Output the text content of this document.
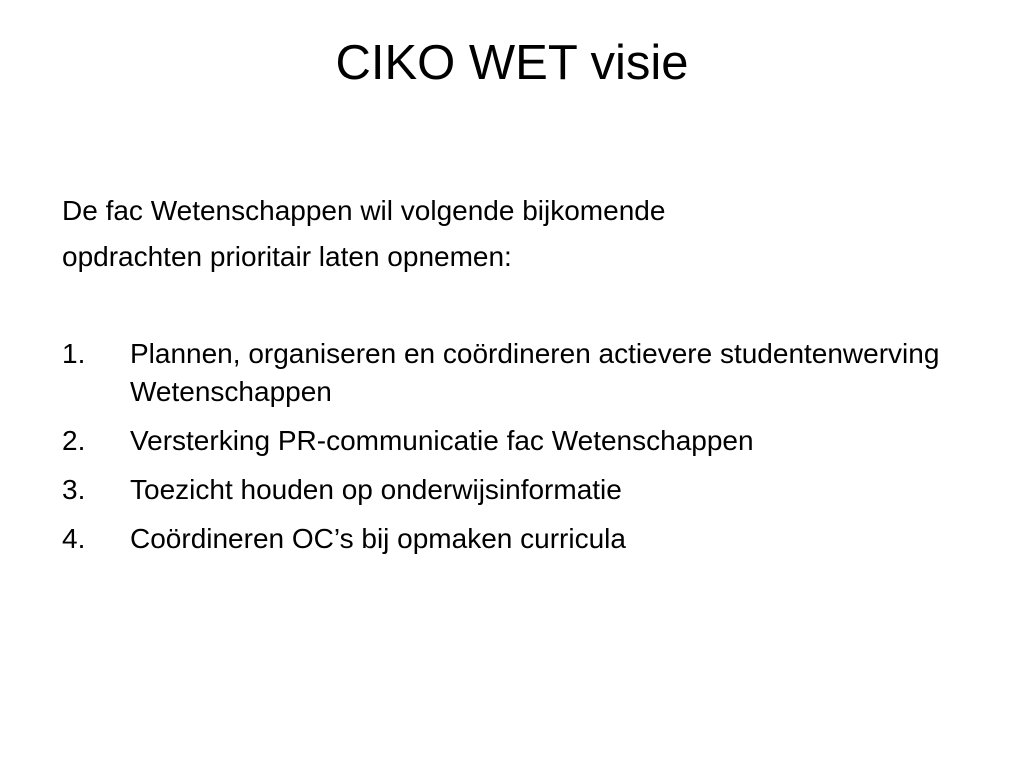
CIKO WET visie

De fac Wetenschappen wil volgende bijkomende

opdrachten prioritair laten opnemen:

1. Plannen, organiseren en coördineren actievere studentenwerving Wetenschappen
2. Versterking PR-communicatie fac Wetenschappen
3. Toezicht houden op onderwijsinformatie
4. Coördineren OC’s bij opmaken curricula
